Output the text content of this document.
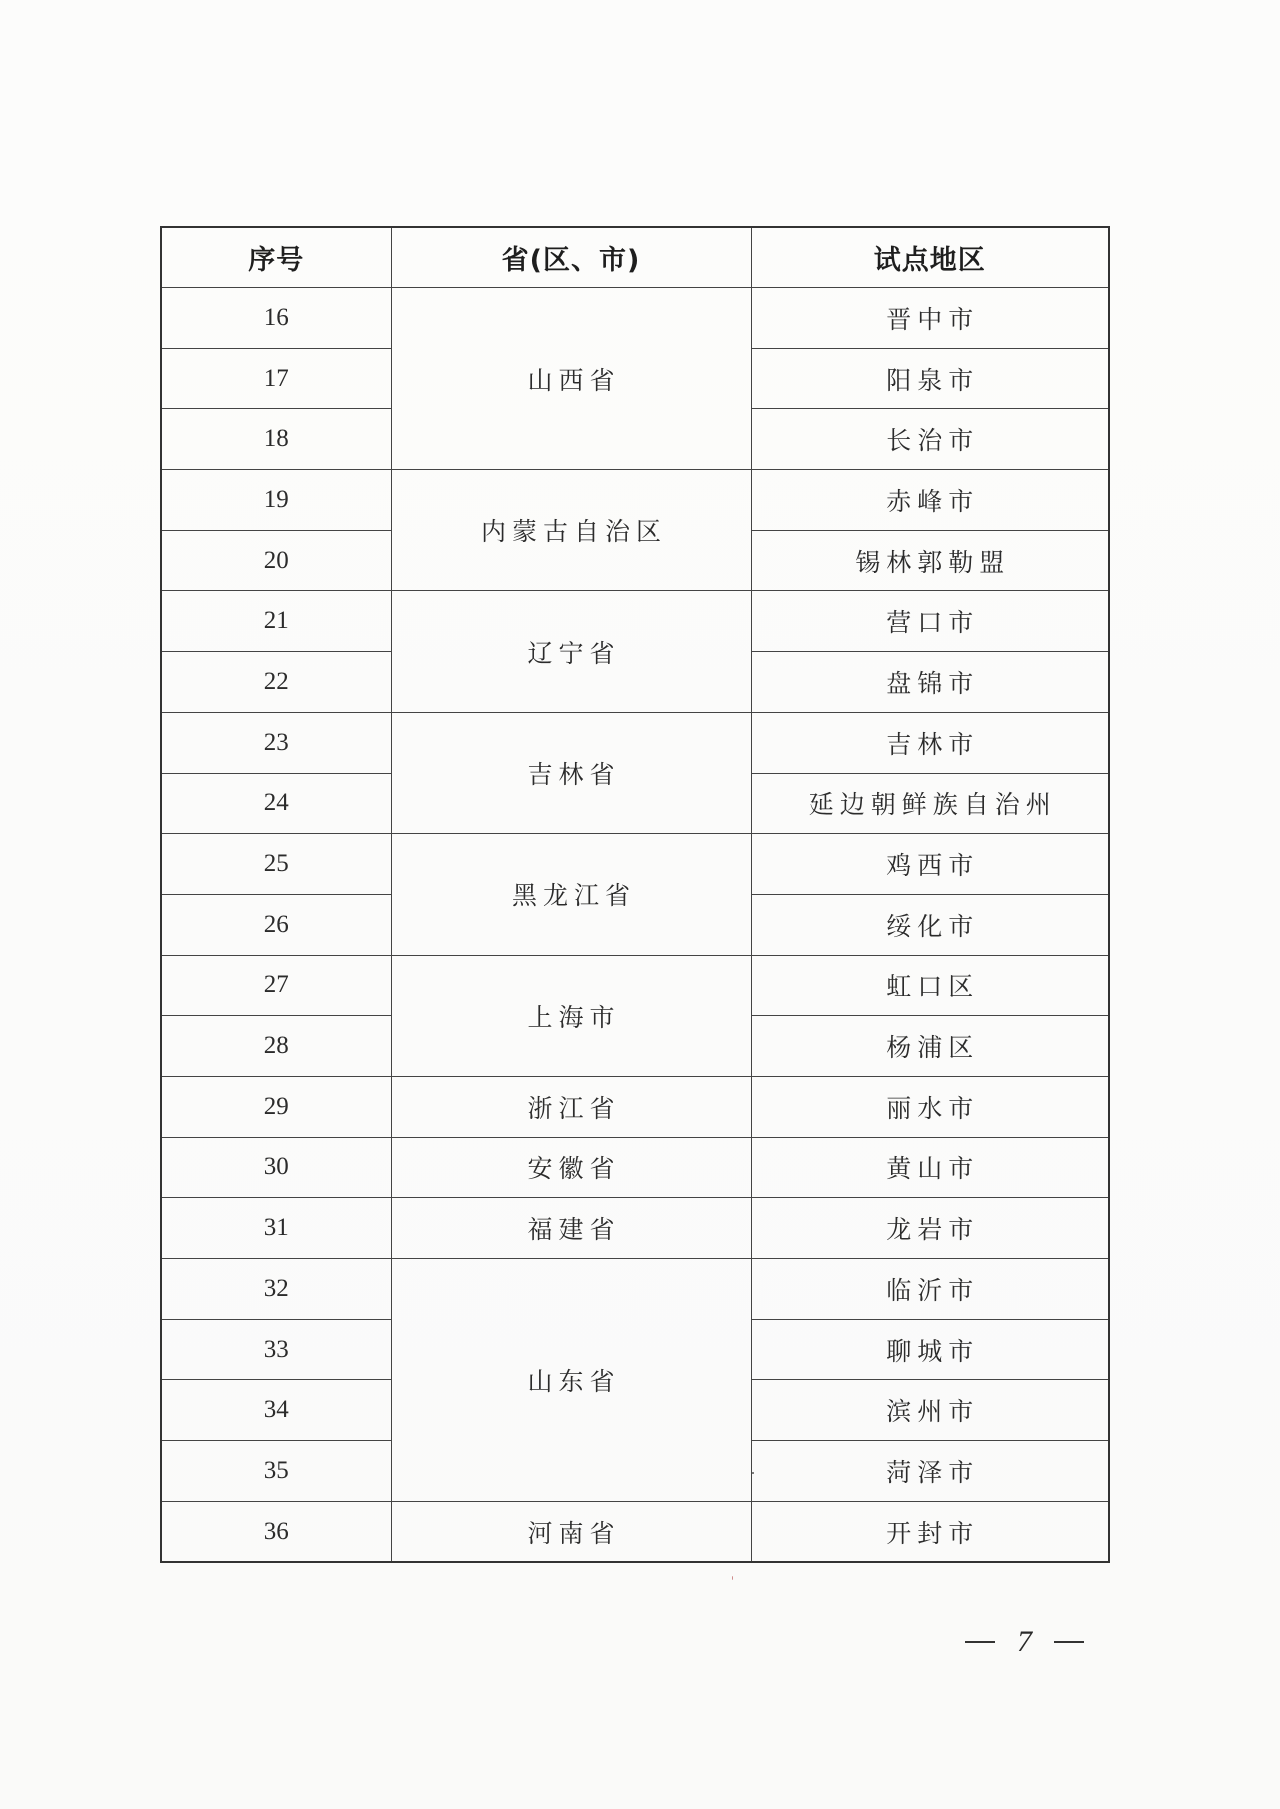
序号	省(区、市)	试点地区
16	山西省	晋中市
17		阳泉市
18		长治市
19	内蒙古自治区	赤峰市
20		锡林郭勒盟
21	辽宁省	营口市
22		盘锦市
23	吉林省	吉林市
24		延边朝鲜族自治州
25	黑龙江省	鸡西市
26		绥化市
27	上海市	虹口区
28		杨浦区
29	浙江省	丽水市
30	安徽省	黄山市
31	福建省	龙岩市
32	山东省	临沂市
33		聊城市
34		滨州市
35		菏泽市
36	河南省	开封市
7
